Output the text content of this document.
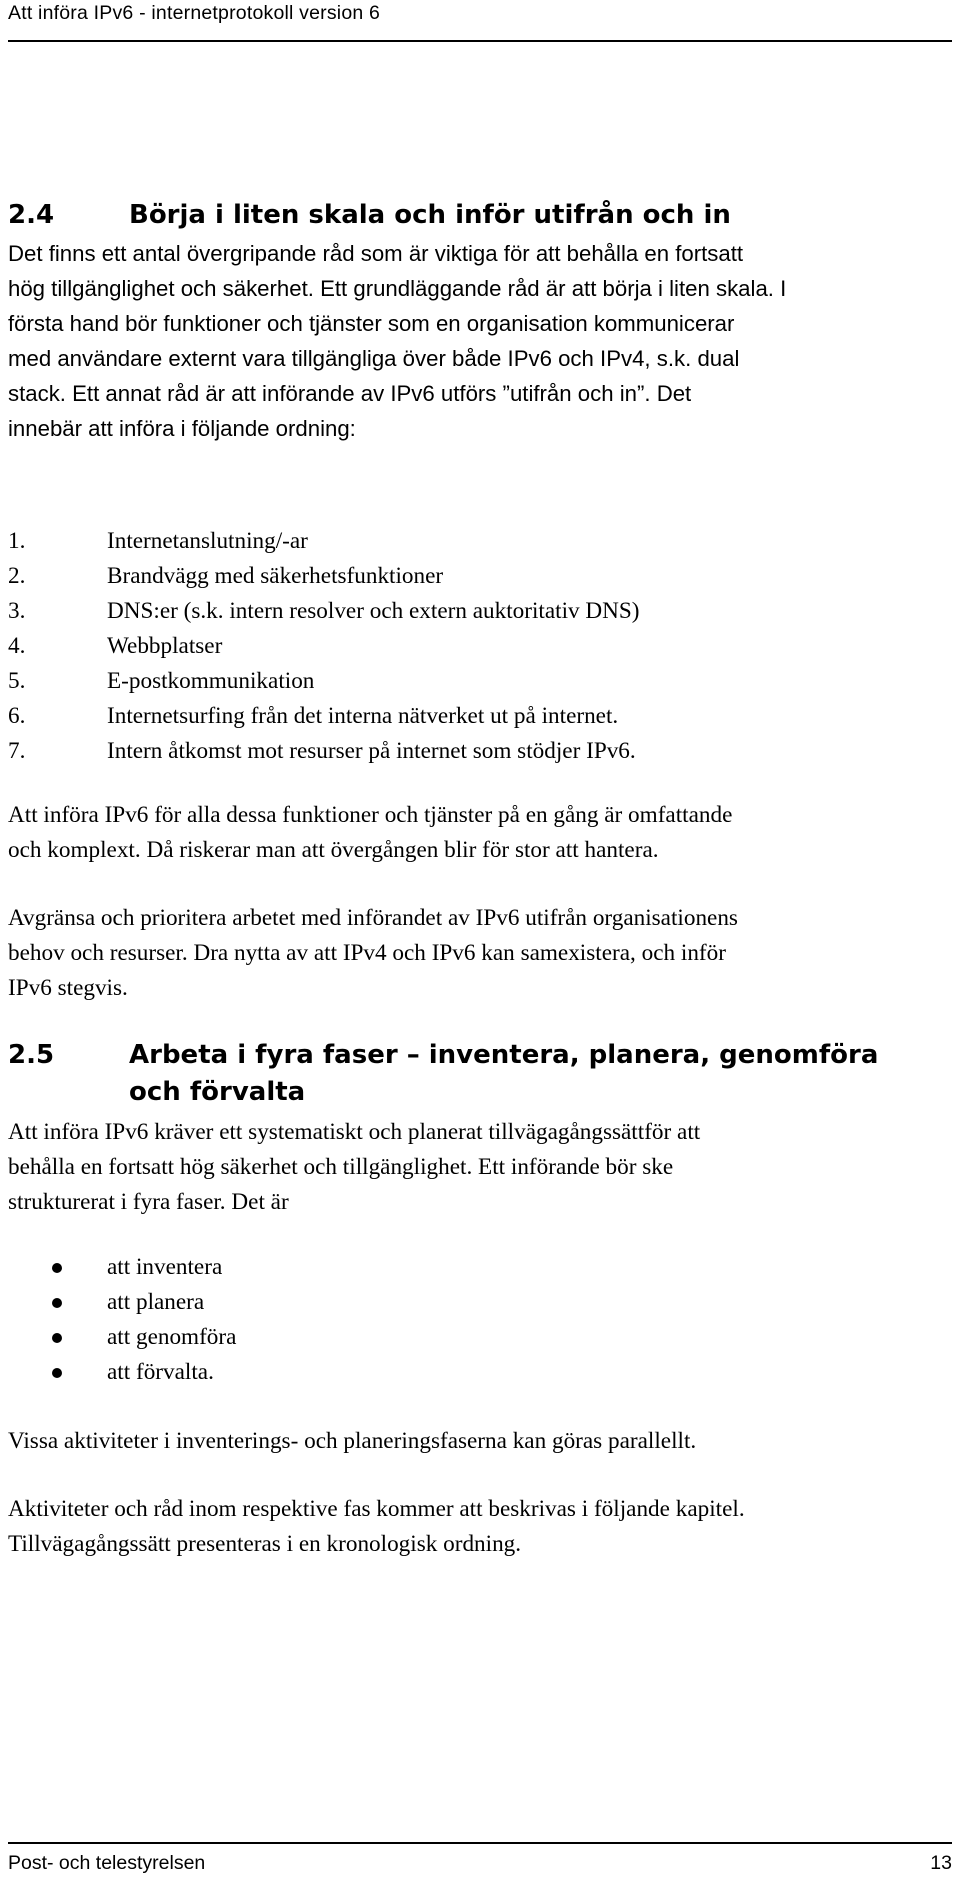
Att införa IPv6 - internetprotokoll version 6
2.4	Börja i liten skala och inför utifrån och in
Det finns ett antal övergripande råd som är viktiga för att behålla en fortsatt
hög tillgänglighet och säkerhet. Ett grundläggande råd är att börja i liten skala. I
första hand bör funktioner och tjänster som en organisation kommunicerar
med användare externt vara tillgängliga över både IPv6 och IPv4, s.k. dual
stack. Ett annat råd är att införande av IPv6 utförs ”utifrån och in”. Det
innebär att införa i följande ordning:
1.	Internetanslutning/-ar
2.	Brandvägg med säkerhetsfunktioner
3.	DNS:er (s.k. intern resolver och extern auktoritativ DNS)
4.	Webbplatser
5.	E-postkommunikation
6.	Internetsurfing från det interna nätverket ut på internet.
7.	Intern åtkomst mot resurser på internet som stödjer IPv6.
Att införa IPv6 för alla dessa funktioner och tjänster på en gång är omfattande
och komplext. Då riskerar man att övergången blir för stor att hantera.
Avgränsa och prioritera arbetet med införandet av IPv6 utifrån organisationens
behov och resurser. Dra nytta av att IPv4 och IPv6 kan samexistera, och inför
IPv6 stegvis.
2.5	Arbeta i fyra faser – inventera, planera, genomföra
och förvalta
Att införa IPv6 kräver ett systematiskt och planerat tillvägagångssättför att
behålla en fortsatt hög säkerhet och tillgänglighet. Ett införande bör ske
strukturerat i fyra faser. Det är
att inventera
att planera
att genomföra
att förvalta.
Vissa aktiviteter i inventerings- och planeringsfaserna kan göras parallellt.
Aktiviteter och råd inom respektive fas kommer att beskrivas i följande kapitel.
Tillvägagångssätt presenteras i en kronologisk ordning.
Post- och telestyrelsen	13
